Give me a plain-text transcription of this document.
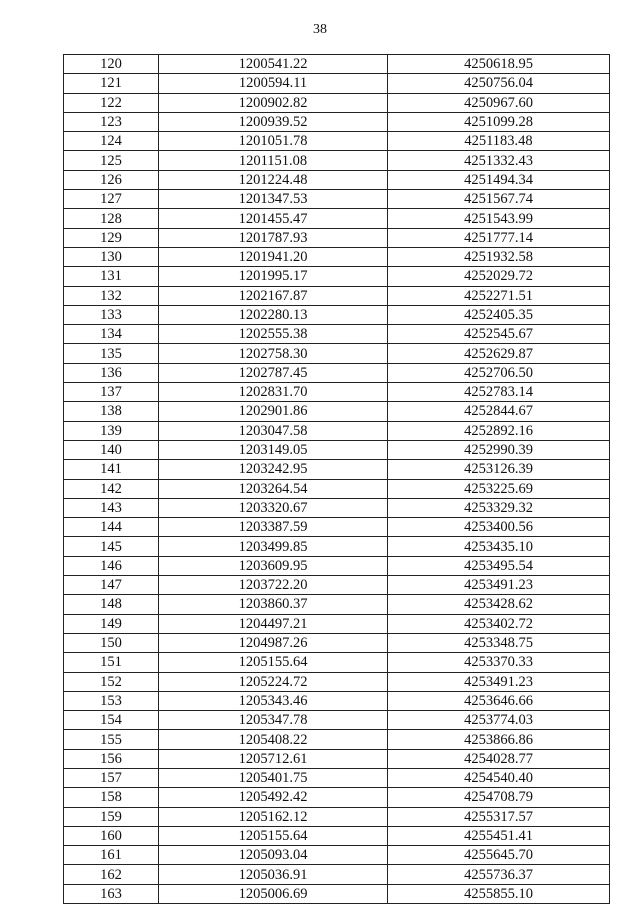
38
120	1200541.22	4250618.95
121	1200594.11	4250756.04
122	1200902.82	4250967.60
123	1200939.52	4251099.28
124	1201051.78	4251183.48
125	1201151.08	4251332.43
126	1201224.48	4251494.34
127	1201347.53	4251567.74
128	1201455.47	4251543.99
129	1201787.93	4251777.14
130	1201941.20	4251932.58
131	1201995.17	4252029.72
132	1202167.87	4252271.51
133	1202280.13	4252405.35
134	1202555.38	4252545.67
135	1202758.30	4252629.87
136	1202787.45	4252706.50
137	1202831.70	4252783.14
138	1202901.86	4252844.67
139	1203047.58	4252892.16
140	1203149.05	4252990.39
141	1203242.95	4253126.39
142	1203264.54	4253225.69
143	1203320.67	4253329.32
144	1203387.59	4253400.56
145	1203499.85	4253435.10
146	1203609.95	4253495.54
147	1203722.20	4253491.23
148	1203860.37	4253428.62
149	1204497.21	4253402.72
150	1204987.26	4253348.75
151	1205155.64	4253370.33
152	1205224.72	4253491.23
153	1205343.46	4253646.66
154	1205347.78	4253774.03
155	1205408.22	4253866.86
156	1205712.61	4254028.77
157	1205401.75	4254540.40
158	1205492.42	4254708.79
159	1205162.12	4255317.57
160	1205155.64	4255451.41
161	1205093.04	4255645.70
162	1205036.91	4255736.37
163	1205006.69	4255855.10
